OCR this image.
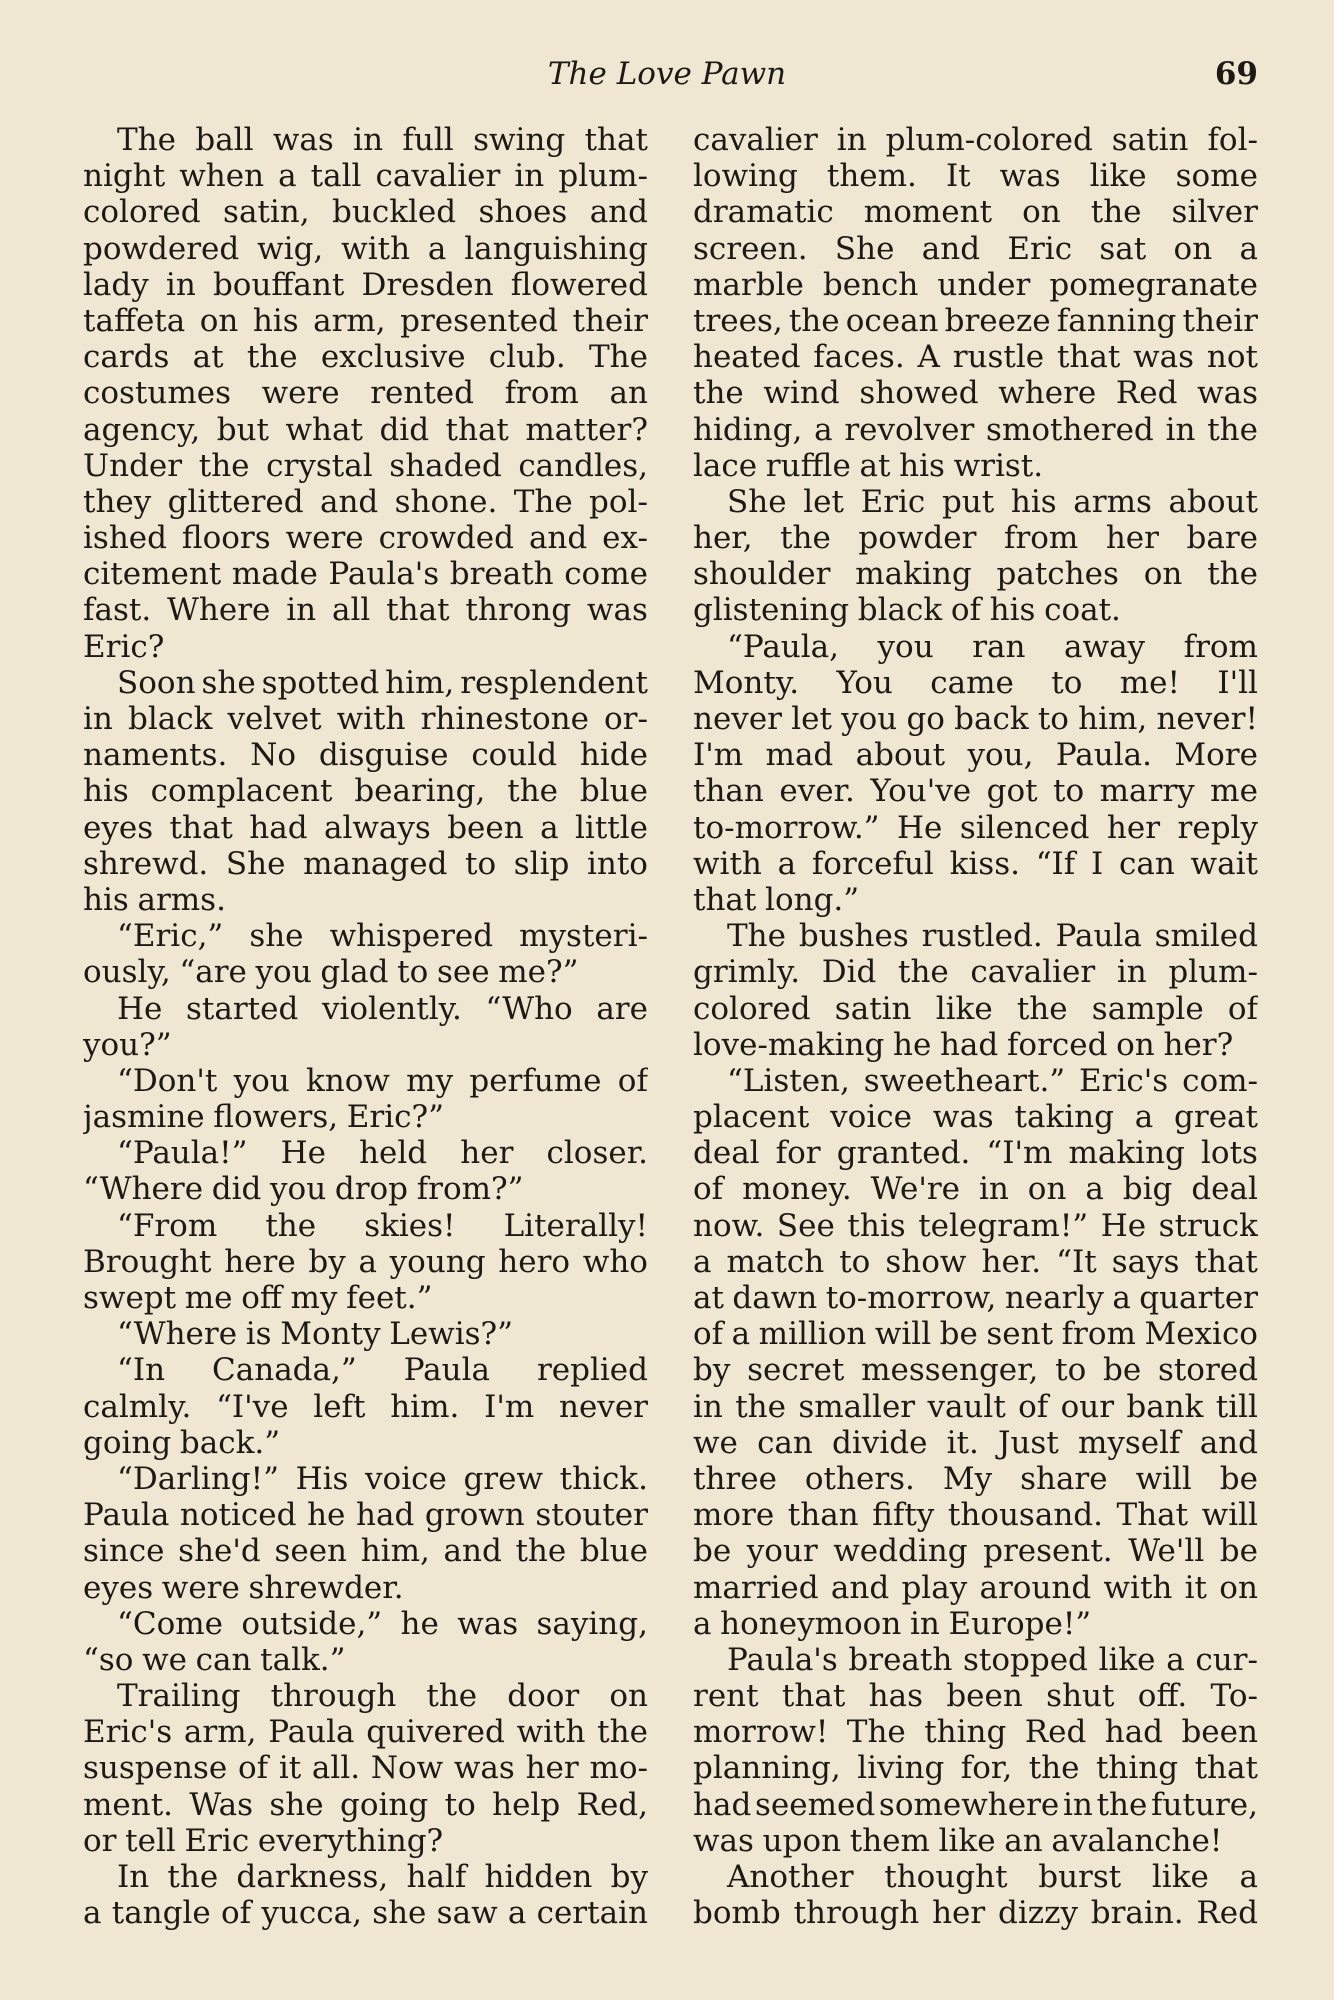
The Love Pawn	69
The ball was in full swing that
night when a tall cavalier in plum-
colored satin, buckled shoes and
powdered wig, with a languishing
lady in bouffant Dresden flowered
taffeta on his arm, presented their
cards at the exclusive club. The
costumes were rented from an
agency, but what did that matter?
Under the crystal shaded candles,
they glittered and shone. The pol-
ished floors were crowded and ex-
citement made Paula's breath come
fast. Where in all that throng was
Eric?
Soon she spotted him, resplendent
in black velvet with rhinestone or-
naments. No disguise could hide
his complacent bearing, the blue
eyes that had always been a little
shrewd. She managed to slip into
his arms.
“Eric,” she whispered mysteri-
ously, “are you glad to see me?”
He started violently. “Who are
you?”
“Don't you know my perfume of
jasmine flowers, Eric?”
“Paula!” He held her closer.
“Where did you drop from?”
“From the skies! Literally!
Brought here by a young hero who
swept me off my feet.”
“Where is Monty Lewis?”
“In Canada,” Paula replied
calmly. “I've left him. I'm never
going back.”
“Darling!” His voice grew thick.
Paula noticed he had grown stouter
since she'd seen him, and the blue
eyes were shrewder.
“Come outside,” he was saying,
“so we can talk.”
Trailing through the door on
Eric's arm, Paula quivered with the
suspense of it all. Now was her mo-
ment. Was she going to help Red,
or tell Eric everything?
In the darkness, half hidden by
a tangle of yucca, she saw a certain
cavalier in plum-colored satin fol-
lowing them. It was like some
dramatic moment on the silver
screen. She and Eric sat on a
marble bench under pomegranate
trees, the ocean breeze fanning their
heated faces. A rustle that was not
the wind showed where Red was
hiding, a revolver smothered in the
lace ruffle at his wrist.
She let Eric put his arms about
her, the powder from her bare
shoulder making patches on the
glistening black of his coat.
“Paula, you ran away from
Monty. You came to me! I'll
never let you go back to him, never!
I'm mad about you, Paula. More
than ever. You've got to marry me
to-morrow.” He silenced her reply
with a forceful kiss. “If I can wait
that long.”
The bushes rustled. Paula smiled
grimly. Did the cavalier in plum-
colored satin like the sample of
love-making he had forced on her?
“Listen, sweetheart.” Eric's com-
placent voice was taking a great
deal for granted. “I'm making lots
of money. We're in on a big deal
now. See this telegram!” He struck
a match to show her. “It says that
at dawn to-morrow, nearly a quarter
of a million will be sent from Mexico
by secret messenger, to be stored
in the smaller vault of our bank till
we can divide it. Just myself and
three others. My share will be
more than fifty thousand. That will
be your wedding present. We'll be
married and play around with it on
a honeymoon in Europe!”
Paula's breath stopped like a cur-
rent that has been shut off. To-
morrow! The thing Red had been
planning, living for, the thing that
had seemed somewhere in the future,
was upon them like an avalanche!
Another thought burst like a
bomb through her dizzy brain. Red
